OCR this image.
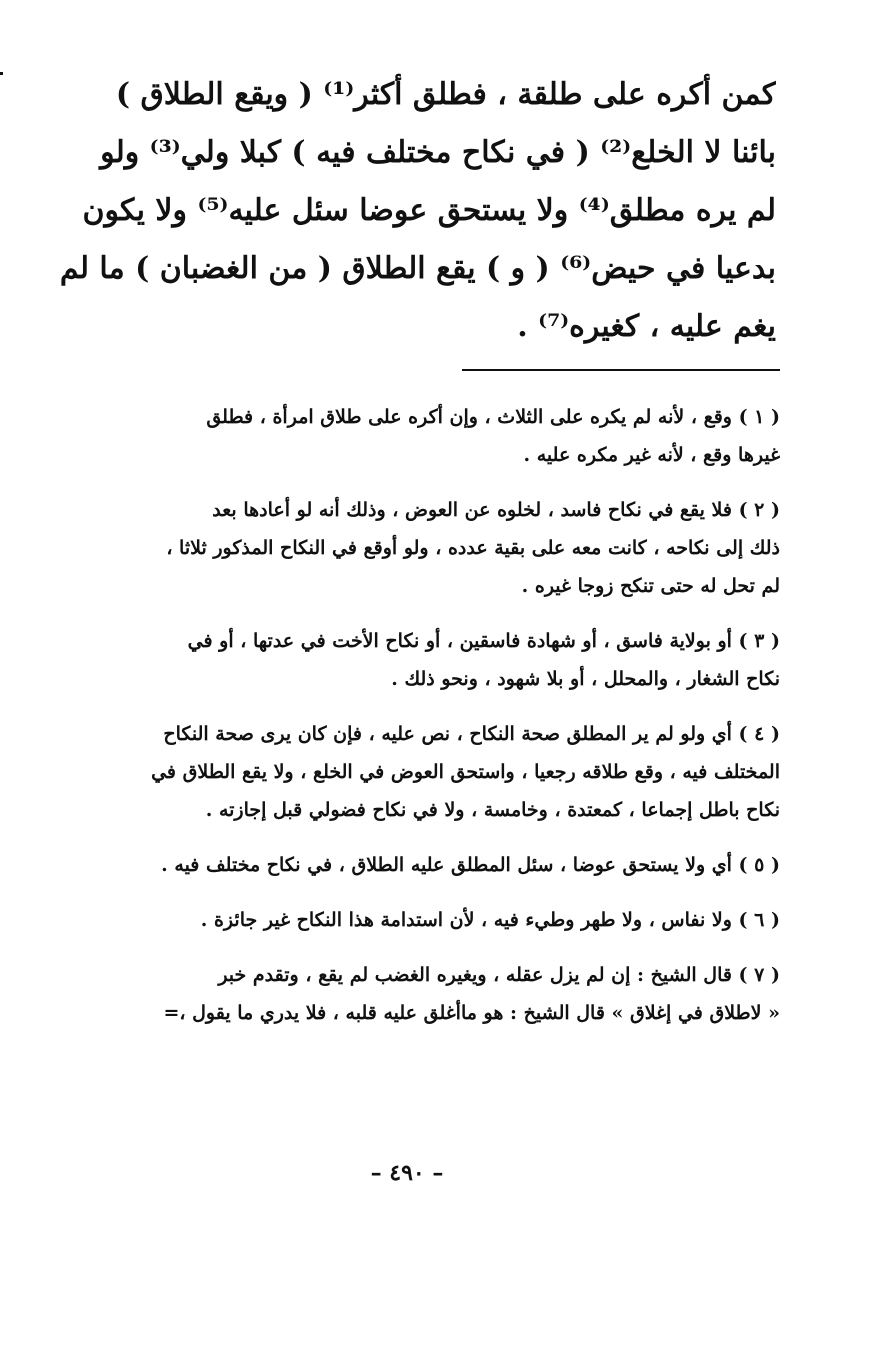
كمن أكره على طلقة ، فطلق أكثر⁽¹⁾ ( ويقع الطلاق )
بائنا لا الخلع⁽²⁾ ( في نكاح مختلف فيه ) كبلا ولي⁽³⁾ ولو
لم يره مطلق⁽⁴⁾ ولا يستحق عوضا سئل عليه⁽⁵⁾ ولا يكون
بدعيا في حيض⁽⁶⁾ ( و ) يقع الطلاق ( من الغضبان ) ما لم
يغم عليه ، كغيره⁽⁷⁾ .

( ١ ) وقع ، لأنه لم يكره على الثلاث ، وإن أكره على طلاق امرأة ، فطلق
غيرها وقع ، لأنه غير مكره عليه .

( ٢ ) فلا يقع في نكاح فاسد ، لخلوه عن العوض ، وذلك أنه لو أعادها بعد
ذلك إلى نكاحه ، كانت معه على بقية عدده ، ولو أوقع في النكاح المذكور ثلاثا ،
لم تحل له حتى تنكح زوجا غيره .

( ٣ ) أو بولاية فاسق ، أو شهادة فاسقين ، أو نكاح الأخت في عدتها ، أو في
نكاح الشغار ، والمحلل ، أو بلا شهود ، ونحو ذلك .

( ٤ ) أي ولو لم ير المطلق صحة النكاح ، نص عليه ، فإن كان يرى صحة النكاح
المختلف فيه ، وقع طلاقه رجعيا ، واستحق العوض في الخلع ، ولا يقع الطلاق في
نكاح باطل إجماعا ، كمعتدة ، وخامسة ، ولا في نكاح فضولي قبل إجازته .

( ٥ ) أي ولا يستحق عوضا ، سئل المطلق عليه الطلاق ، في نكاح مختلف فيه .

( ٦ ) ولا نفاس ، ولا طهر وطيء فيه ، لأن استدامة هذا النكاح غير جائزة .

( ٧ ) قال الشيخ : إن لم يزل عقله ، ويغيره الغضب لم يقع ، وتقدم خبر
« لاطلاق في إغلاق » قال الشيخ : هو ماأغلق عليه قلبه ، فلا يدري ما يقول ،=

– ٤٩٠ –
